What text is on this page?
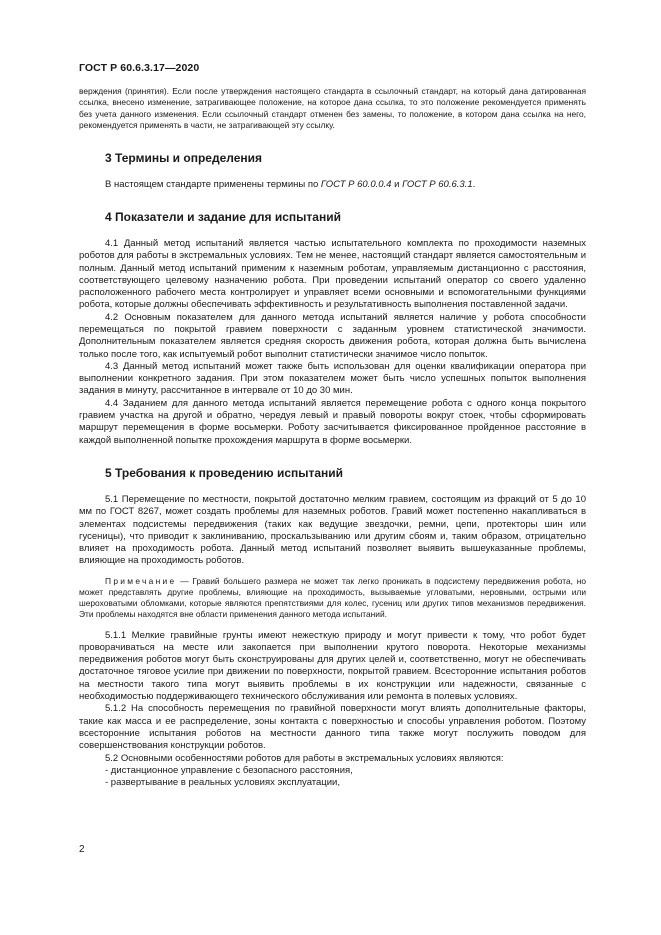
ГОСТ Р 60.6.3.17—2020

верждения (принятия). Если после утверждения настоящего стандарта в ссылочный стандарт, на который дана датированная ссылка, внесено изменение, затрагивающее положение, на которое дана ссылка, то это положение рекомендуется применять без учета данного изменения. Если ссылочный стандарт отменен без замены, то положение, в котором дана ссылка на него, рекомендуется применять в части, не затрагивающей эту ссылку.

3 Термины и определения

В настоящем стандарте применены термины по ГОСТ Р 60.0.0.4 и ГОСТ Р 60.6.3.1.

4 Показатели и задание для испытаний

4.1 Данный метод испытаний является частью испытательного комплекта по проходимости наземных роботов для работы в экстремальных условиях. Тем не менее, настоящий стандарт является самостоятельным и полным. Данный метод испытаний применим к наземным роботам, управляемым дистанционно с расстояния, соответствующего целевому назначению робота. При проведении испытаний оператор со своего удаленно расположенного рабочего места контролирует и управляет всеми основными и вспомогательными функциями робота, которые должны обеспечивать эффективность и результативность выполнения поставленной задачи.

4.2 Основным показателем для данного метода испытаний является наличие у робота способности перемещаться по покрытой гравием поверхности с заданным уровнем статистической значимости. Дополнительным показателем является средняя скорость движения робота, которая должна быть вычислена только после того, как испытуемый робот выполнит статистически значимое число попыток.

4.3 Данный метод испытаний может также быть использован для оценки квалификации оператора при выполнении конкретного задания. При этом показателем может быть число успешных попыток выполнения задания в минуту, рассчитанное в интервале от 10 до 30 мин.

4.4 Заданием для данного метода испытаний является перемещение робота с одного конца покрытого гравием участка на другой и обратно, чередуя левый и правый повороты вокруг стоек, чтобы сформировать маршрут перемещения в форме восьмерки. Роботу засчитывается фиксированное пройденное расстояние в каждой выполненной попытке прохождения маршрута в форме восьмерки.

5 Требования к проведению испытаний

5.1 Перемещение по местности, покрытой достаточно мелким гравием, состоящим из фракций от 5 до 10 мм по ГОСТ 8267, может создать проблемы для наземных роботов. Гравий может постепенно накапливаться в элементах подсистемы передвижения (таких как ведущие звездочки, ремни, цепи, протекторы шин или гусеницы), что приводит к заклиниванию, проскальзыванию или другим сбоям и, таким образом, отрицательно влияет на проходимость робота. Данный метод испытаний позволяет выявить вышеуказанные проблемы, влияющие на проходимость роботов.

Примечание — Гравий большего размера не может так легко проникать в подсистему передвижения робота, но может представлять другие проблемы, влияющие на проходимость, вызываемые угловатыми, неровными, острыми или шероховатыми обломками, которые являются препятствиями для колес, гусениц или других типов механизмов передвижения. Эти проблемы находятся вне области применения данного метода испытаний.

5.1.1 Мелкие гравийные грунты имеют нежесткую природу и могут привести к тому, что робот будет проворачиваться на месте или закопается при выполнении крутого поворота. Некоторые механизмы передвижения роботов могут быть сконструированы для других целей и, соответственно, могут не обеспечивать достаточное тяговое усилие при движении по поверхности, покрытой гравием. Всесторонние испытания роботов на местности такого типа могут выявить проблемы в их конструкции или надежности, связанные с необходимостью поддерживающего технического обслуживания или ремонта в полевых условиях.

5.1.2 На способность перемещения по гравийной поверхности могут влиять дополнительные факторы, такие как масса и ее распределение, зоны контакта с поверхностью и способы управления роботом. Поэтому всесторонние испытания роботов на местности данного типа также могут послужить поводом для совершенствования конструкции роботов.

5.2 Основными особенностями роботов для работы в экстремальных условиях являются:

- дистанционное управление с безопасного расстояния,
- развертывание в реальных условиях эксплуатации,
2
